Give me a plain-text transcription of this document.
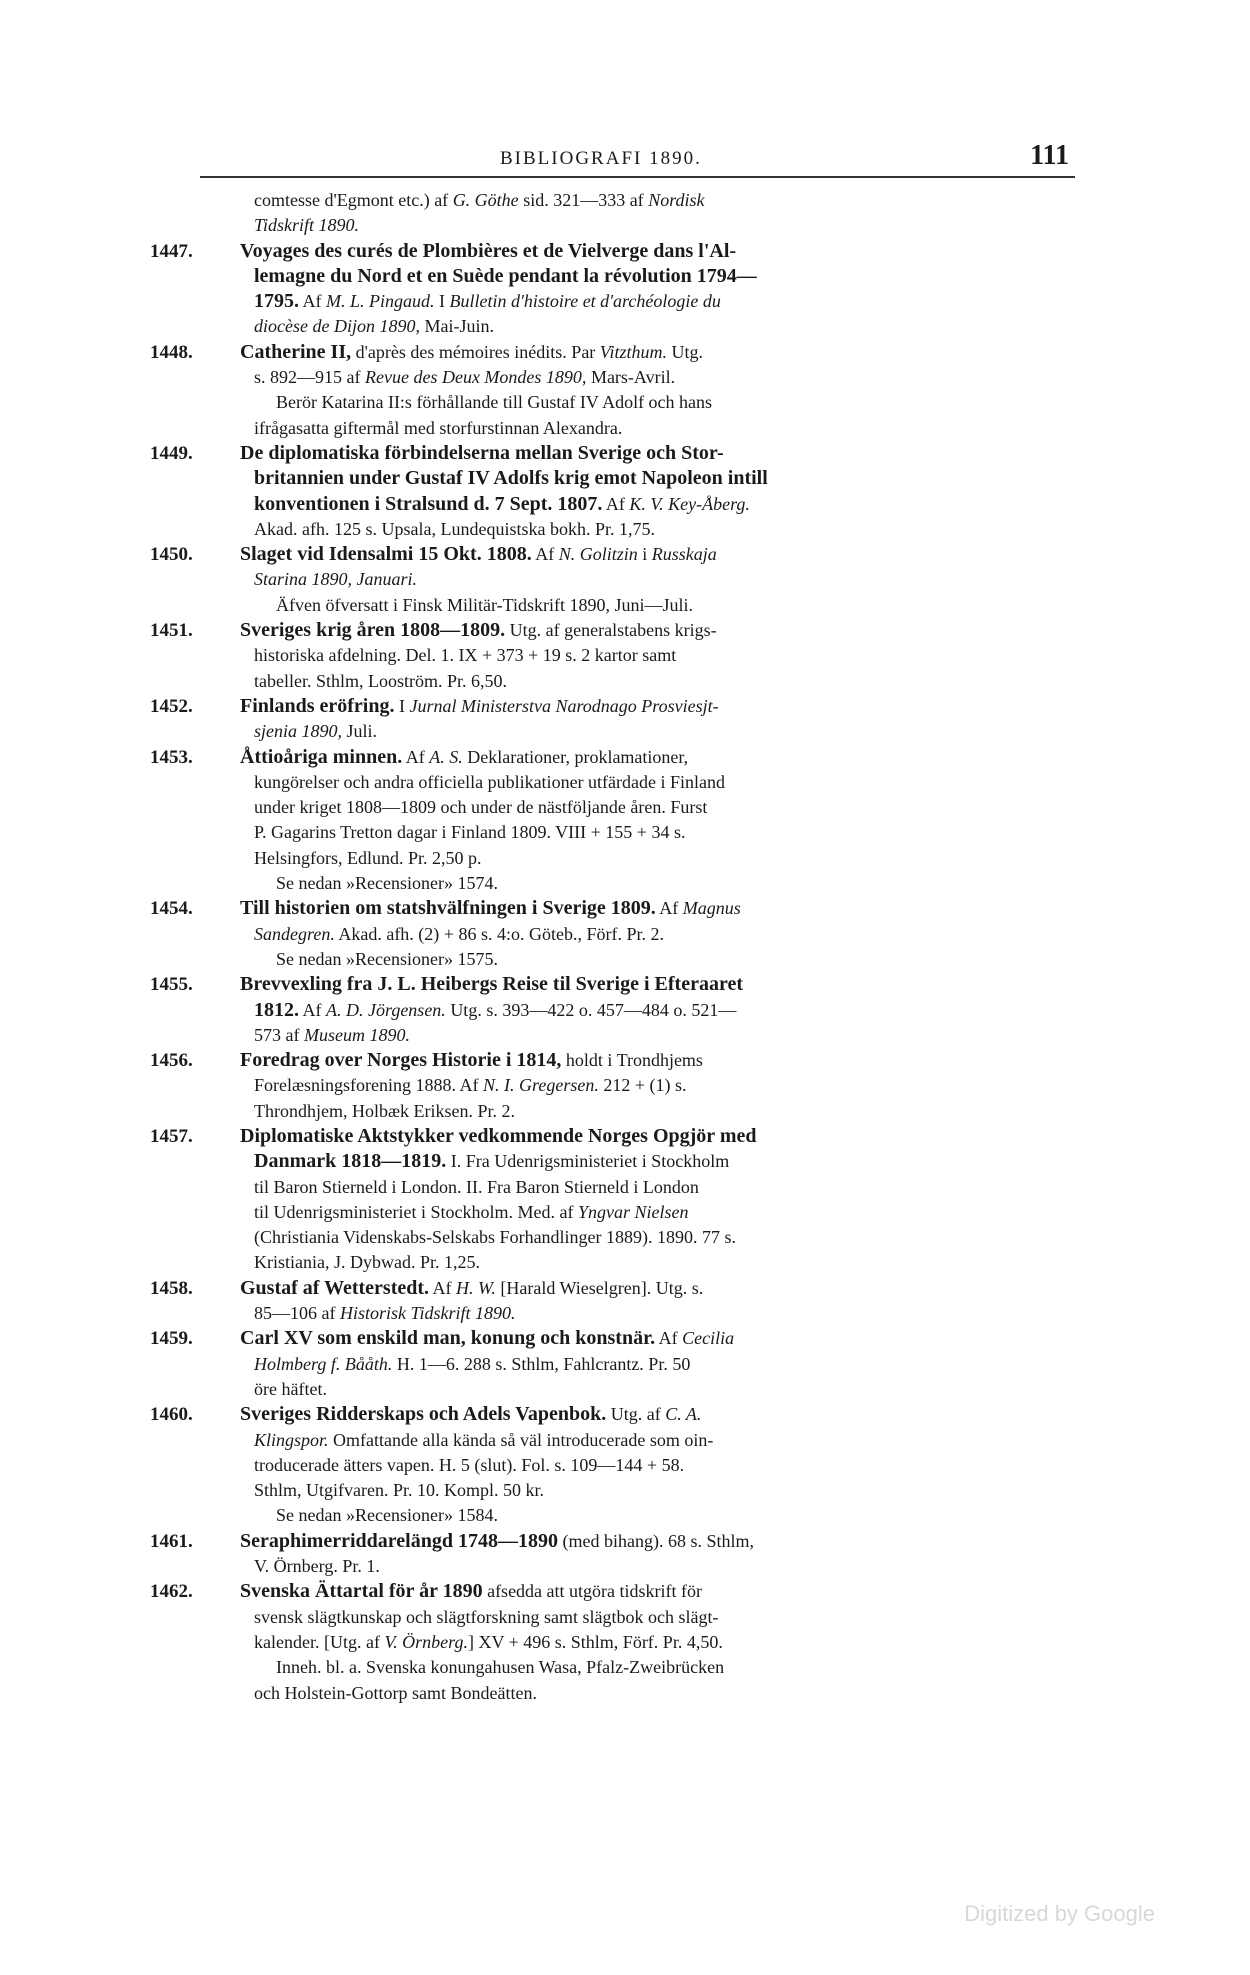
BIBLIOGRAFI 1890.	111
comtesse d'Egmont etc.) af G. Göthe sid. 321—333 af Nordisk
Tidskrift 1890.
1447.	Voyages des curés de Plombières et de Vielverge dans l'Al-
lemagne du Nord et en Suède pendant la révolution 1794—
1795. Af M. L. Pingaud. I Bulletin d'histoire et d'archéologie du
diocèse de Dijon 1890, Mai-Juin.
1448.	Catherine II, d'après des mémoires inédits. Par Vitzthum. Utg.
s. 892—915 af Revue des Deux Mondes 1890, Mars-Avril.
Berör Katarina II:s förhållande till Gustaf IV Adolf och hans
ifrågasatta giftermål med storfurstinnan Alexandra.
1449.	De diplomatiska förbindelserna mellan Sverige och Stor-
britannien under Gustaf IV Adolfs krig emot Napoleon intill
konventionen i Stralsund d. 7 Sept. 1807. Af K. V. Key-Åberg.
Akad. afh. 125 s. Upsala, Lundequistska bokh. Pr. 1,75.
1450.	Slaget vid Idensalmi 15 Okt. 1808. Af N. Golitzin i Russkaja
Starina 1890, Januari.
Äfven öfversatt i Finsk Militär-Tidskrift 1890, Juni—Juli.
1451.	Sveriges krig åren 1808—1809. Utg. af generalstabens krigs-
historiska afdelning. Del. 1. IX + 373 + 19 s. 2 kartor samt
tabeller. Sthlm, Looström. Pr. 6,50.
1452.	Finlands eröfring. I Jurnal Ministerstva Narodnago Prosviesjt-
sjenia 1890, Juli.
1453.	Åttioåriga minnen. Af A. S. Deklarationer, proklamationer,
kungörelser och andra officiella publikationer utfärdade i Finland
under kriget 1808—1809 och under de nästföljande åren. Furst
P. Gagarins Tretton dagar i Finland 1809. VIII + 155 + 34 s.
Helsingfors, Edlund. Pr. 2,50 p.
Se nedan »Recensioner» 1574.
1454.	Till historien om statshvälfningen i Sverige 1809. Af Magnus
Sandegren. Akad. afh. (2) + 86 s. 4:o. Göteb., Förf. Pr. 2.
Se nedan »Recensioner» 1575.
1455.	Brevvexling fra J. L. Heibergs Reise til Sverige i Efteraaret
1812. Af A. D. Jörgensen. Utg. s. 393—422 o. 457—484 o. 521—
573 af Museum 1890.
1456.	Foredrag over Norges Historie i 1814, holdt i Trondhjems
Forelæsningsforening 1888. Af N. I. Gregersen. 212 + (1) s.
Throndhjem, Holbæk Eriksen. Pr. 2.
1457.	Diplomatiske Aktstykker vedkommende Norges Opgjör med
Danmark 1818—1819. I. Fra Udenrigsministeriet i Stockholm
til Baron Stierneld i London. II. Fra Baron Stierneld i London
til Udenrigsministeriet i Stockholm. Med. af Yngvar Nielsen
(Christiania Videnskabs-Selskabs Forhandlinger 1889). 1890. 77 s.
Kristiania, J. Dybwad. Pr. 1,25.
1458.	Gustaf af Wetterstedt. Af H. W. [Harald Wieselgren]. Utg. s.
85—106 af Historisk Tidskrift 1890.
1459.	Carl XV som enskild man, konung och konstnär. Af Cecilia
Holmberg f. Bååth. H. 1—6. 288 s. Sthlm, Fahlcrantz. Pr. 50
öre häftet.
1460.	Sveriges Ridderskaps och Adels Vapenbok. Utg. af C. A.
Klingspor. Omfattande alla kända så väl introducerade som oin-
troducerade ätters vapen. H. 5 (slut). Fol. s. 109—144 + 58.
Sthlm, Utgifvaren. Pr. 10. Kompl. 50 kr.
Se nedan »Recensioner» 1584.
1461.	Seraphimerriddarelängd 1748—1890 (med bihang). 68 s. Sthlm,
V. Örnberg. Pr. 1.
1462.	Svenska Ättartal för år 1890 afsedda att utgöra tidskrift för
svensk slägtkunskap och slägtforskning samt slägtbok och slägt-
kalender. [Utg. af V. Örnberg.] XV + 496 s. Sthlm, Förf. Pr. 4,50.
Inneh. bl. a. Svenska konungahusen Wasa, Pfalz-Zweibrücken
och Holstein-Gottorp samt Bondeätten.
Digitized by Google
